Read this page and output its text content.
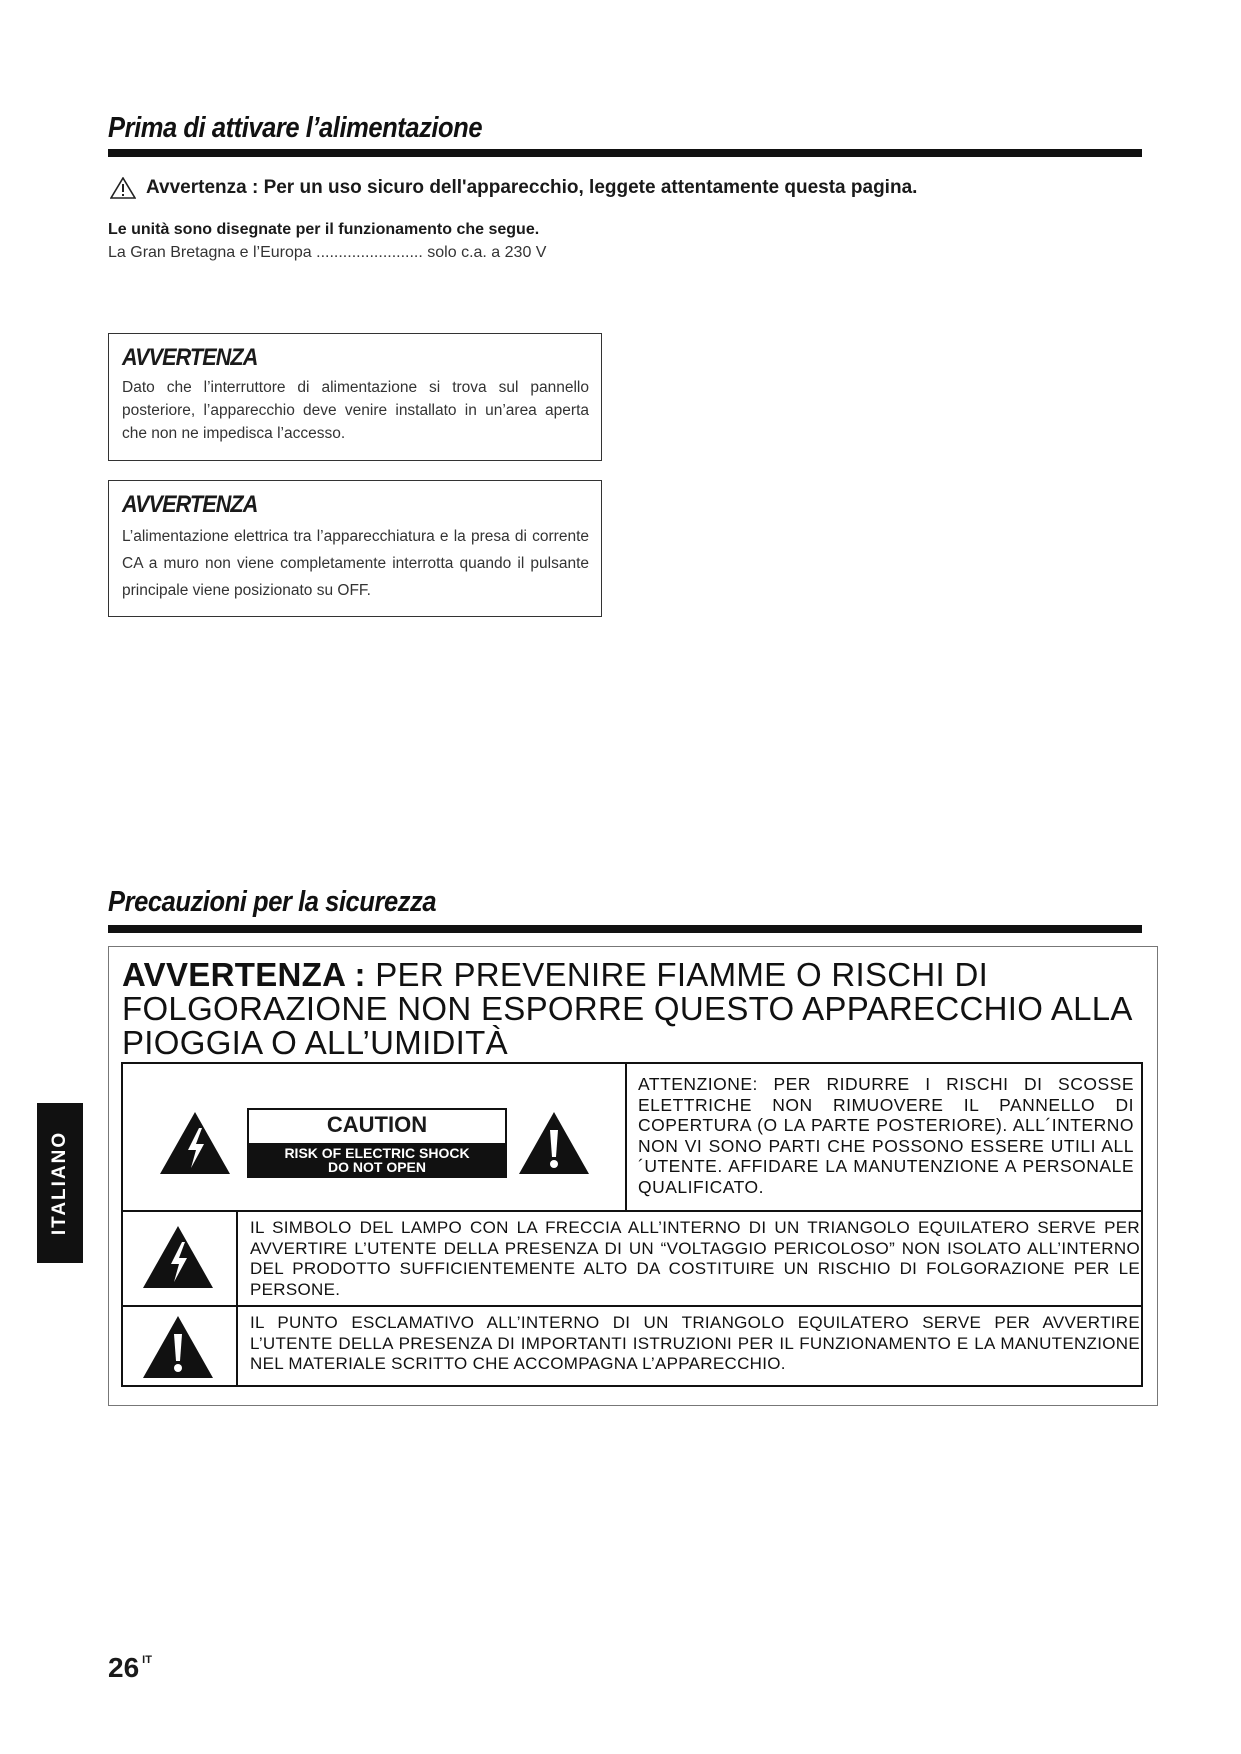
Prima di attivare l’alimentazione
Avvertenza : Per un uso sicuro dell'apparecchio, leggete attentamente questa pagina.
Le unità sono disegnate per il funzionamento che segue.
La Gran Bretagna e l’Europa ........................ solo c.a. a 230 V
AVVERTENZA
Dato che l’interruttore di alimentazione si trova sul pannello posteriore, l’apparecchio deve venire installato in un’area aperta che non ne impedisca l’accesso.
AVVERTENZA
L’alimentazione elettrica tra l’apparecchiatura e la presa di corrente CA a muro non viene completamente interrotta quando il pulsante principale viene posizionato su OFF.
Precauzioni per la sicurezza
AVVERTENZA : PER PREVENIRE FIAMME O RISCHI DI FOLGORAZIONE NON ESPORRE QUESTO APPARECCHIO ALLA PIOGGIA O ALL’UMIDITÀ
CAUTION
RISK OF ELECTRIC SHOCK
DO NOT OPEN
ATTENZIONE: PER RIDURRE I RISCHI DI SCOSSE ELETTRICHE NON RIMUOVERE IL PANNELLO DI COPERTURA (O LA PARTE POSTERIORE). ALL´INTERNO NON VI SONO PARTI CHE POSSONO ESSERE UTILI ALL´UTENTE. AFFIDARE LA MANUTENZIONE A PERSONALE QUALIFICATO.
IL SIMBOLO DEL LAMPO CON LA FRECCIA ALL’INTERNO DI UN TRIANGOLO EQUILATERO SERVE PER AVVERTIRE L’UTENTE DELLA PRESENZA DI UN “VOLTAGGIO PERICOLOSO” NON ISOLATO ALL’INTERNO DEL PRODOTTO SUFFICIENTEMENTE ALTO DA COSTITUIRE UN RISCHIO DI FOLGORAZIONE PER LE PERSONE.
IL PUNTO ESCLAMATIVO ALL’INTERNO DI UN TRIANGOLO EQUILATERO SERVE PER AVVERTIRE L’UTENTE DELLA PRESENZA DI IMPORTANTI ISTRUZIONI PER IL FUNZIONAMENTO E LA MANUTENZIONE NEL MATERIALE SCRITTO CHE ACCOMPAGNA L’APPARECCHIO.
ITALIANO
26 $^{IT}$
